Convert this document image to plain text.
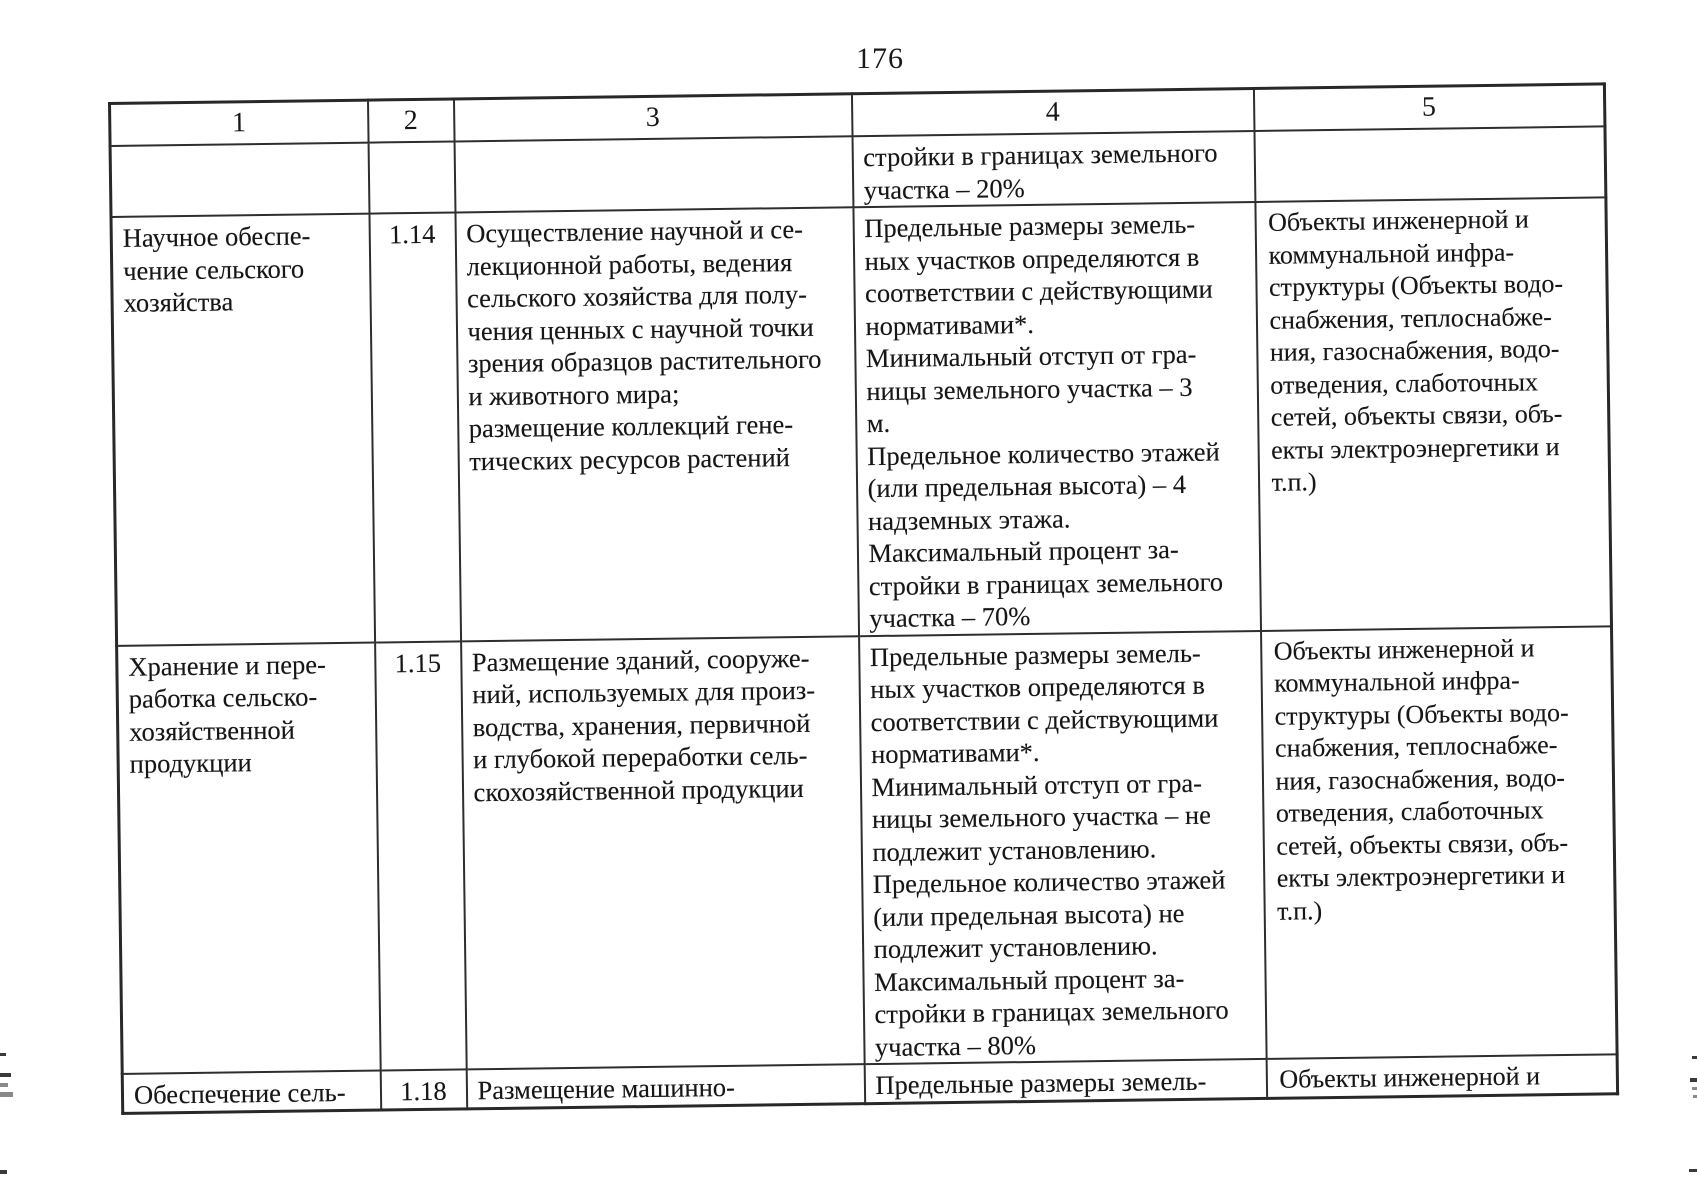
176
1	2	3	4	5
			стройки в границах земельного
участка – 20%	
Научное обеспе-
чение сельского
хозяйства	1.14	Осуществление научной и се-
лекционной работы, ведения
сельского хозяйства для полу-
чения ценных с научной точки
зрения образцов растительного
и животного мира;
размещение коллекций гене-
тических ресурсов растений	Предельные размеры земель-
ных участков определяются в
соответствии с действующими
нормативами*.
Минимальный отступ от гра-
ницы земельного участка – 3
м.
Предельное количество этажей
(или предельная высота) – 4
надземных этажа.
Максимальный процент за-
стройки в границах земельного
участка – 70%	Объекты инженерной и
коммунальной инфра-
структуры (Объекты водо-
снабжения, теплоснабже-
ния, газоснабжения, водо-
отведения, слаботочных
сетей, объекты связи, объ-
екты электроэнергетики и
т.п.)
Хранение и пере-
работка сельско-
хозяйственной
продукции	1.15	Размещение зданий, сооруже-
ний, используемых для произ-
водства, хранения, первичной
и глубокой переработки сель-
скохозяйственной продукции	Предельные размеры земель-
ных участков определяются в
соответствии с действующими
нормативами*.
Минимальный отступ от гра-
ницы земельного участка – не
подлежит установлению.
Предельное количество этажей
(или предельная высота) не
подлежит установлению.
Максимальный процент за-
стройки в границах земельного
участка – 80%	Объекты инженерной и
коммунальной инфра-
структуры (Объекты водо-
снабжения, теплоснабже-
ния, газоснабжения, водо-
отведения, слаботочных
сетей, объекты связи, объ-
екты электроэнергетики и
т.п.)
Обеспечение сель-	1.18	Размещение машинно-	Предельные размеры земель-	Объекты инженерной и
